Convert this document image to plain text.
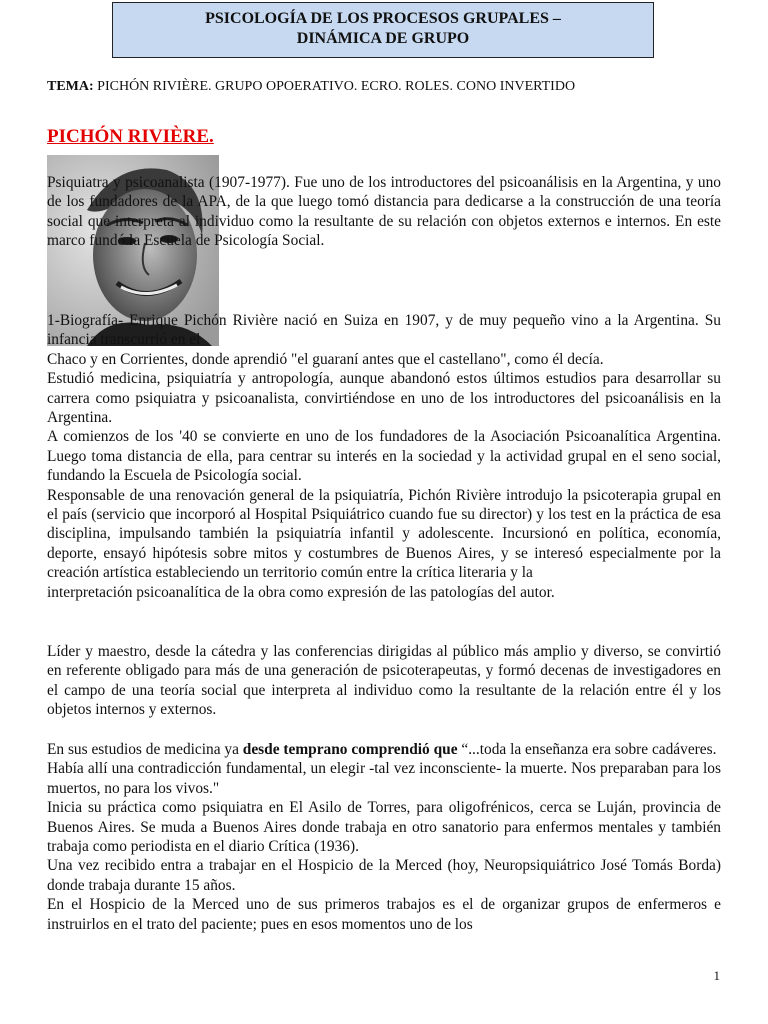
PSICOLOGÍA DE LOS PROCESOS GRUPALES –
DINÁMICA DE GRUPO
TEMA: PICHÓN RIVIÈRE. GRUPO OPOERATIVO. ECRO. ROLES. CONO INVERTIDO
PICHÓN RIVIÈRE.

Psiquiatra y psicoanalista (1907-1977). Fue uno de los introductores del psicoanálisis en la Argentina, y uno de los fundadores de la APA, de la que luego tomó distancia para dedicarse a la construcción de una teoría social que interpreta al individuo como la resultante de su relación con objetos externos e internos. En este marco fundó la Escuela de Psicología Social.

1-Biografía- Enrique Pichón Rivière nació en Suiza en 1907, y de muy pequeño vino a la Argentina. Su infancia transcurrió en el

Chaco y en Corrientes, donde aprendió "el guaraní antes que el castellano", como él decía.

Estudió medicina, psiquiatría y antropología, aunque abandonó estos últimos estudios para desarrollar su carrera como psiquiatra y psicoanalista, convirtiéndose en uno de los introductores del psicoanálisis en la Argentina.

A comienzos de los '40 se convierte en uno de los fundadores de la Asociación Psicoanalítica Argentina. Luego toma distancia de ella, para centrar su interés en la sociedad y la actividad grupal en el seno social, fundando la Escuela de Psicología social.

Responsable de una renovación general de la psiquiatría, Pichón Rivière introdujo la psicoterapia grupal en el país (servicio que incorporó al Hospital Psiquiátrico cuando fue su director) y los test en la práctica de esa disciplina, impulsando también la psiquiatría infantil y adolescente. Incursionó en política, economía, deporte, ensayó hipótesis sobre mitos y costumbres de Buenos Aires, y se interesó especialmente por la creación artística estableciendo un territorio común entre la crítica literaria y la

interpretación psicoanalítica de la obra como expresión de las patologías del autor.

Líder y maestro, desde la cátedra y las conferencias dirigidas al público más amplio y diverso, se convirtió en referente obligado para más de una generación de psicoterapeutas, y formó decenas de investigadores en el campo de una teoría social que interpreta al individuo como la resultante de la relación entre él y los objetos internos y externos.

En sus estudios de medicina ya desde temprano comprendió que “...toda la enseñanza era sobre cadáveres.

Había allí una contradicción fundamental, un elegir -tal vez inconsciente- la muerte. Nos preparaban para los muertos, no para los vivos."

Inicia su práctica como psiquiatra en El Asilo de Torres, para oligofrénicos, cerca se Luján, provincia de Buenos Aires. Se muda a Buenos Aires donde trabaja en otro sanatorio para enfermos mentales y también trabaja como periodista en el diario Crítica (1936).

Una vez recibido entra a trabajar en el Hospicio de la Merced (hoy, Neuropsiquiátrico José Tomás Borda) donde trabaja durante 15 años.

En el Hospicio de la Merced uno de sus primeros trabajos es el de organizar grupos de enfermeros e instruirlos en el trato del paciente; pues en esos momentos uno de los

1
